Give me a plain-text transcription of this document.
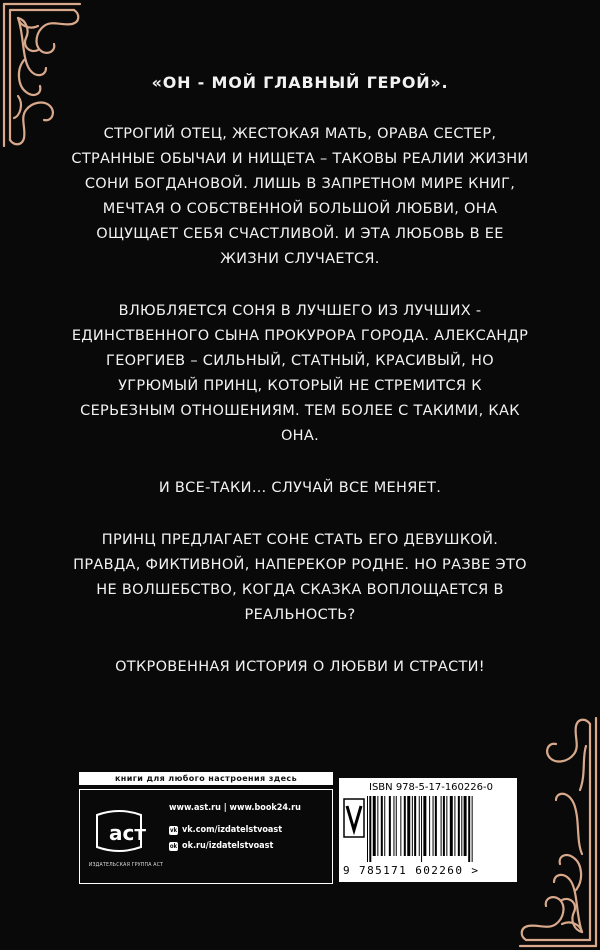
«ОН - МОЙ ГЛАВНЫЙ ГЕРОЙ».

СТРОГИЙ ОТЕЦ, ЖЕСТОКАЯ МАТЬ, ОРАВА СЕСТЕР, СТРАННЫЕ ОБЫЧАИ И НИЩЕТА – ТАКОВЫ РЕАЛИИ ЖИЗНИ СОНИ БОГДАНОВОЙ. ЛИШЬ В ЗАПРЕТНОМ МИРЕ КНИГ, МЕЧТАЯ О СОБСТВЕННОЙ БОЛЬШОЙ ЛЮБВИ, ОНА ОЩУЩАЕТ СЕБЯ СЧАСТЛИВОЙ. И ЭТА ЛЮБОВЬ В ЕЕ ЖИЗНИ СЛУЧАЕТСЯ.

ВЛЮБЛЯЕТСЯ СОНЯ В ЛУЧШЕГО ИЗ ЛУЧШИХ - ЕДИНСТВЕННОГО СЫНА ПРОКУРОРА ГОРОДА. АЛЕКСАНДР ГЕОРГИЕВ – СИЛЬНЫЙ, СТАТНЫЙ, КРАСИВЫЙ, НО УГРЮМЫЙ ПРИНЦ, КОТОРЫЙ НЕ СТРЕМИТСЯ К СЕРЬЕЗНЫМ ОТНОШЕНИЯМ. ТЕМ БОЛЕЕ С ТАКИМИ, КАК ОНА.

И ВСЕ-ТАКИ… СЛУЧАЙ ВСЕ МЕНЯЕТ.

ПРИНЦ ПРЕДЛАГАЕТ СОНЕ СТАТЬ ЕГО ДЕВУШКОЙ. ПРАВДА, ФИКТИВНОЙ, НАПЕРЕКОР РОДНЕ. НО РАЗВЕ ЭТО НЕ ВОЛШЕБСТВО, КОГДА СКАЗКА ВОПЛОЩАЕТСЯ В РЕАЛЬНОСТЬ?

ОТКРОВЕННАЯ ИСТОРИЯ О ЛЮБВИ И СТРАСТИ!

книги для любого настроения здесь
аст
ИЗДАТЕЛЬСКАЯ ГРУППА АСТ
www.ast.ru | www.book24.ru
vk vk.com/izdatelstvoast
ok ok.ru/izdatelstvoast
ISBN 978-5-17-160226-0
9 785171 602260 >
